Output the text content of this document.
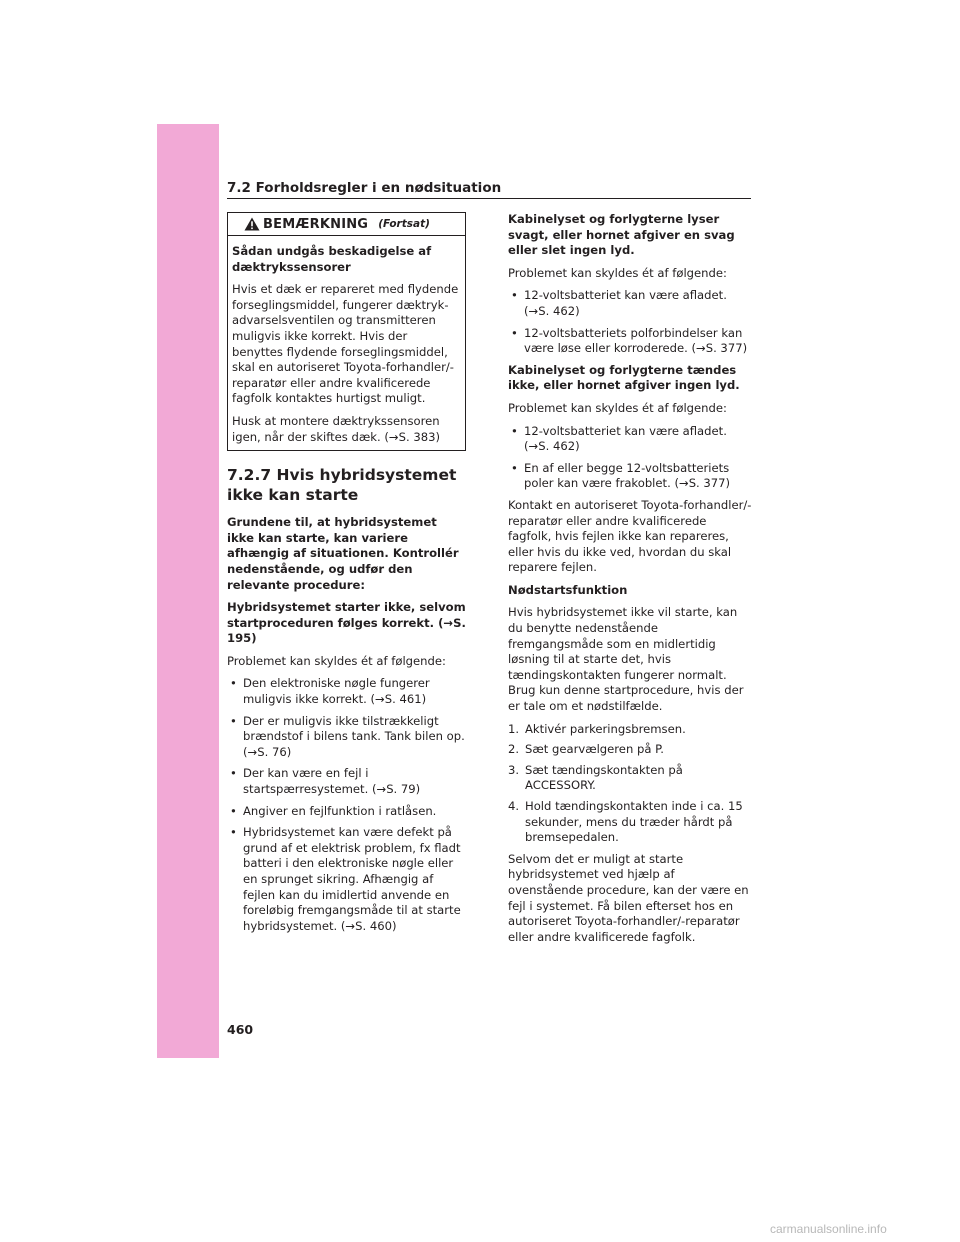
7.2 Forholdsregler i en nødsituation
BEMÆRKNING (Fortsat)

Sådan undgås beskadigelse af dæktrykssensorer

Hvis et dæk er repareret med flydende forseglingsmiddel, fungerer dæktryk-advarselsventilen og transmitteren muligvis ikke korrekt. Hvis der benyttes flydende forseglingsmiddel, skal en autoriseret Toyota-forhandler/-reparatør eller andre kvalificerede fagfolk kontaktes hurtigst muligt.

Husk at montere dæktrykssensoren igen, når der skiftes dæk. (→S. 383)

7.2.7 Hvis hybridsystemet ikke kan starte

Grundene til, at hybridsystemet ikke kan starte, kan variere afhængig af situationen. Kontrollér nedenstående, og udfør den relevante procedure:

Hybridsystemet starter ikke, selvom startproceduren følges korrekt. (→S. 195)

Problemet kan skyldes ét af følgende:

• Den elektroniske nøgle fungerer muligvis ikke korrekt. (→S. 461)
• Der er muligvis ikke tilstrækkeligt brændstof i bilens tank. Tank bilen op. (→S. 76)
• Der kan være en fejl i startspærresystemet. (→S. 79)
• Angiver en fejlfunktion i ratlåsen.
• Hybridsystemet kan være defekt på grund af et elektrisk problem, fx fladt batteri i den elektroniske nøgle eller en sprunget sikring. Afhængig af fejlen kan du imidlertid anvende en foreløbig fremgangsmåde til at starte hybridsystemet. (→S. 460)

Kabinelyset og forlygterne lyser svagt, eller hornet afgiver en svag eller slet ingen lyd.

Problemet kan skyldes ét af følgende:

• 12-voltsbatteriet kan være afladet. (→S. 462)
• 12-voltsbatteriets polforbindelser kan være løse eller korroderede. (→S. 377)

Kabinelyset og forlygterne tændes ikke, eller hornet afgiver ingen lyd.

Problemet kan skyldes ét af følgende:

• 12-voltsbatteriet kan være afladet. (→S. 462)
• En af eller begge 12-voltsbatteriets poler kan være frakoblet. (→S. 377)

Kontakt en autoriseret Toyota-forhandler/-reparatør eller andre kvalificerede fagfolk, hvis fejlen ikke kan repareres, eller hvis du ikke ved, hvordan du skal reparere fejlen.

Nødstartsfunktion

Hvis hybridsystemet ikke vil starte, kan du benytte nedenstående fremgangsmåde som en midlertidig løsning til at starte det, hvis tændingskontakten fungerer normalt. Brug kun denne startprocedure, hvis der er tale om et nødstilfælde.

1. Aktivér parkeringsbremsen.
2. Sæt gearvælgeren på P.
3. Sæt tændingskontakten på ACCESSORY.
4. Hold tændingskontakten inde i ca. 15 sekunder, mens du træder hårdt på bremsepedalen.

Selvom det er muligt at starte hybridsystemet ved hjælp af ovenstående procedure, kan der være en fejl i systemet. Få bilen efterset hos en autoriseret Toyota-forhandler/-reparatør eller andre kvalificerede fagfolk.

460
carmanualsonline.info
